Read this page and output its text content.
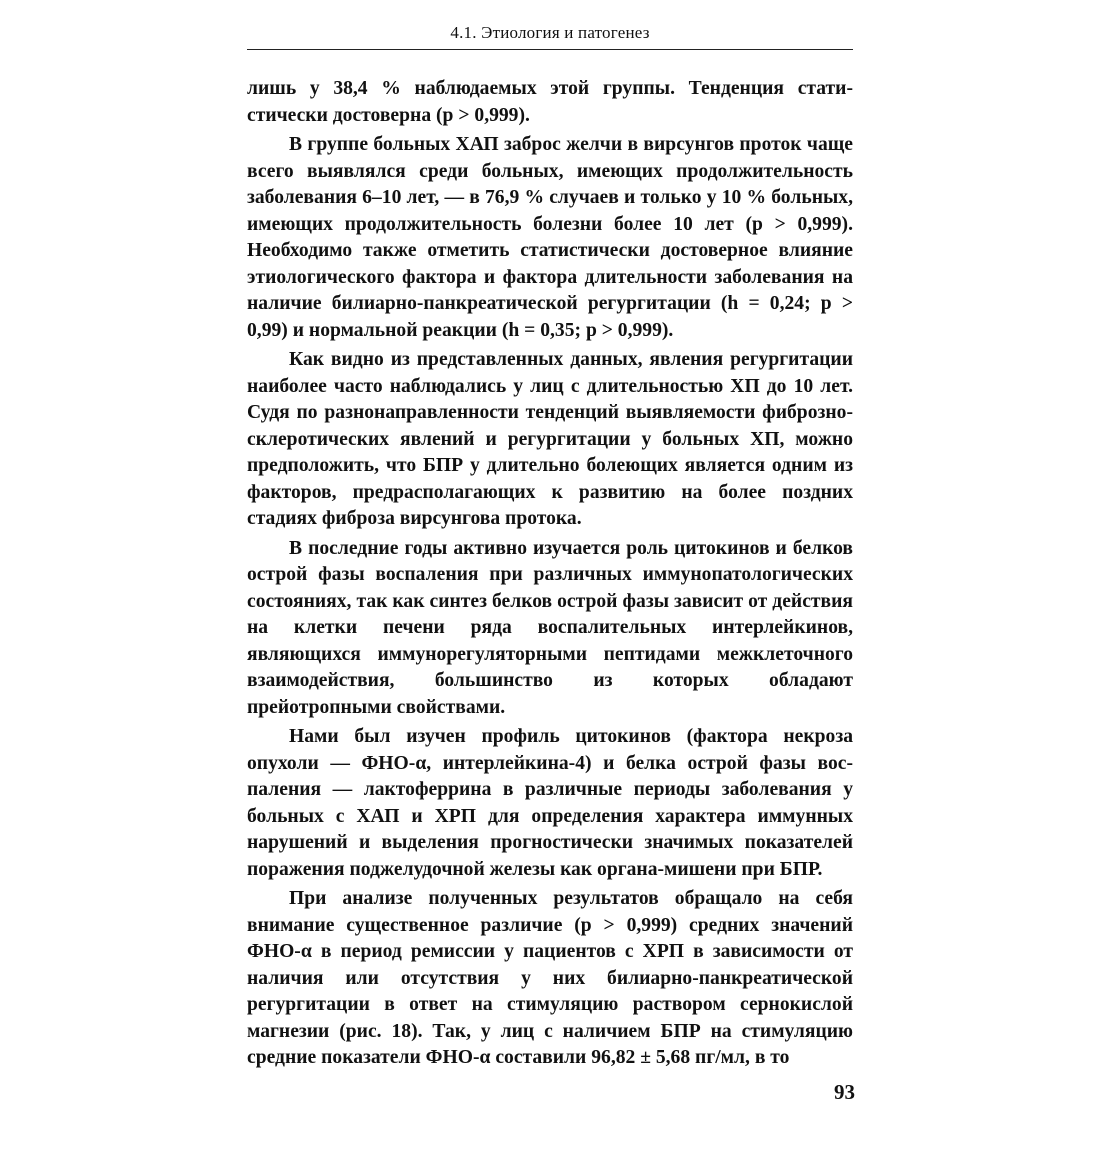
4.1. Этиология и патогенез

лишь у 38,4 % наблюдаемых этой группы. Тенденция статистически достоверна (p > 0,999).

В группе больных ХАП заброс желчи в вирсунгов проток чаще всего выявлялся среди больных, имеющих продолжительность заболевания 6–10 лет, — в 76,9 % случаев и только у 10 % больных, имеющих продолжительность болезни более 10 лет (p > 0,999). Необходимо также отметить статистически достоверное влияние этиологического фактора и фактора длительности заболевания на наличие билиарно-панкреатической регургитации (h = 0,24; p > 0,99) и нормальной реакции (h = 0,35; p > 0,999).

Как видно из представленных данных, явления регургитации наиболее часто наблюдались у лиц с длительностью ХП до 10 лет. Судя по разнонаправленности тенденций выявляемости фиброзно-склеротических явлений и регургитации у больных ХП, можно предположить, что БПР у длительно болеющих является одним из факторов, предрасполагающих к развитию на более поздних стадиях фиброза вирсунгова протока.

В последние годы активно изучается роль цитокинов и белков острой фазы воспаления при различных иммунопатологических состояниях, так как синтез белков острой фазы зависит от действия на клетки печени ряда воспалительных интерлейкинов, являющихся иммунорегуляторными пептидами межклеточного взаимодействия, большинство из которых обладают прейотропными свойствами.

Нами был изучен профиль цитокинов (фактора некроза опухоли — ФНО-α, интерлейкина-4) и белка острой фазы воспаления — лактоферрина в различные периоды заболевания у больных с ХАП и ХРП для определения характера иммунных нарушений и выделения прогностически значимых показателей поражения поджелудочной железы как органа-мишени при БПР.

При анализе полученных результатов обращало на себя внимание существенное различие (p > 0,999) средних значений ФНО-α в период ремиссии у пациентов с ХРП в зависимости от наличия или отсутствия у них билиарно-панкреатической регургитации в ответ на стимуляцию раствором сернокислой магнезии (рис. 18). Так, у лиц с наличием БПР на стимуляцию средние показатели ФНО-α составили 96,82 ± 5,68 пг/мл, в то

93
